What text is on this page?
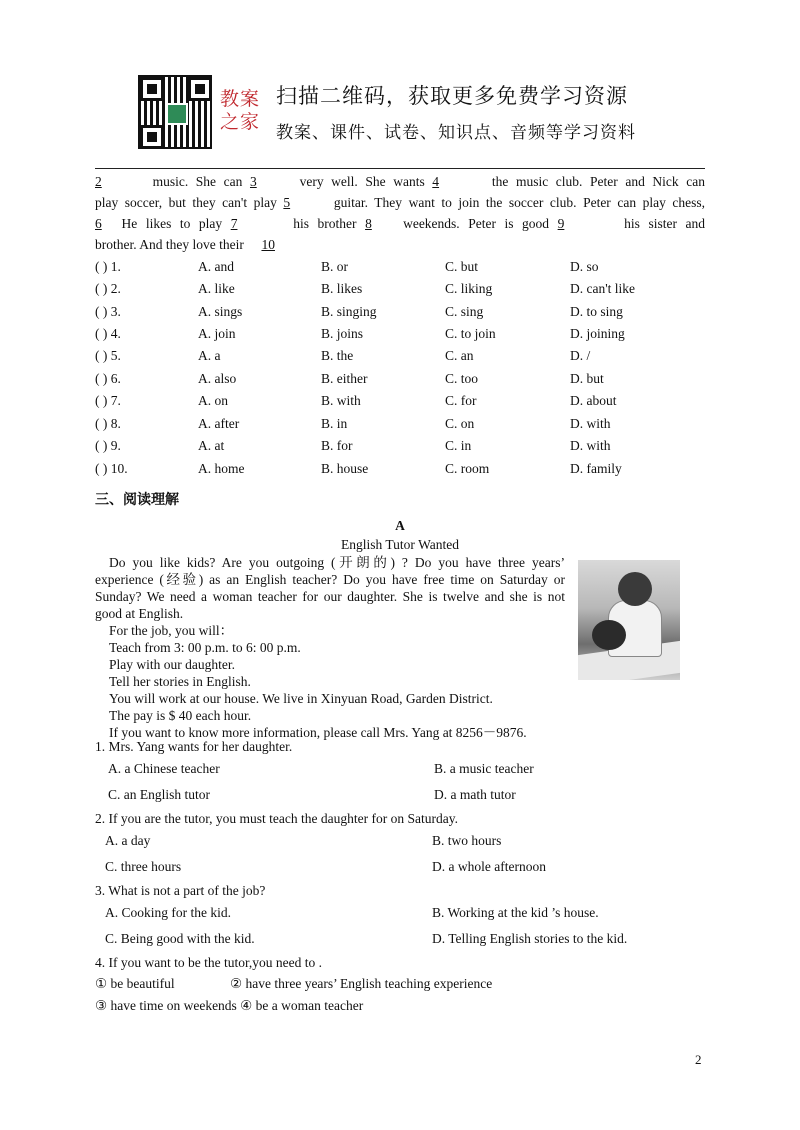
教案
之家
扫描二维码，获取更多免费学习资源
教案、课件、试卷、知识点、音频等学习资料
2	music. She can 3	very well. She wants 4	the music club. Peter and Nick can
play soccer, but they can't play 5	guitar. They want to join the soccer club. Peter can play chess,
6 He likes to play 7	his brother 8 weekends. Peter is good 9	his sister and
brother. And they love their 10
( ) 1.	A. and	B. or	C. but	D. so
( ) 2.	A. like	B. likes	C. liking	D. can't like
( ) 3.	A. sings	B. singing	C. sing	D. to sing
( ) 4.	A. join	B. joins	C. to join	D. joining
( ) 5.	A. a	B. the	C. an	D. /
( ) 6.	A. also	B. either	C. too	D. but
( ) 7.	A. on	B. with	C. for	D. about
( ) 8.	A. after	B. in	C. on	D. with
( ) 9.	A. at	B. for	C. in	D. with
( ) 10.	A. home	B. house	C. room	D. family
三、阅读理解
A
English Tutor Wanted
Do you like kids? Are you outgoing (开朗的) ? Do you have three years’
experience (经验) as an English teacher? Do you have free time on Saturday or
Sunday? We need a woman teacher for our daughter. She is twelve and she is not
good at English.
For the job, you will：
Teach from 3: 00 p.m. to 6: 00 p.m.
Play with our daughter.
Tell her stories in English.
You will work at our house. We live in Xinyuan Road, Garden District.
The pay is $ 40 each hour.
If you want to know more information, please call Mrs. Yang at 8256－9876.
1. Mrs. Yang wants for her daughter.
A. a Chinese teacher	B. a music teacher
C. an English tutor	D. a math tutor
2. If you are the tutor, you must teach the daughter for on Saturday.
A. a day	B. two hours
C. three hours	D. a whole afternoon
3. What is not a part of the job?
A. Cooking for the kid.	B. Working at the kid ’s house.
C. Being good with the kid.	D. Telling English stories to the kid.
4. If you want to be the tutor,you need to .
① be beautiful	② have three years’ English teaching experience
③ have time on weekends ④ be a woman teacher
2
